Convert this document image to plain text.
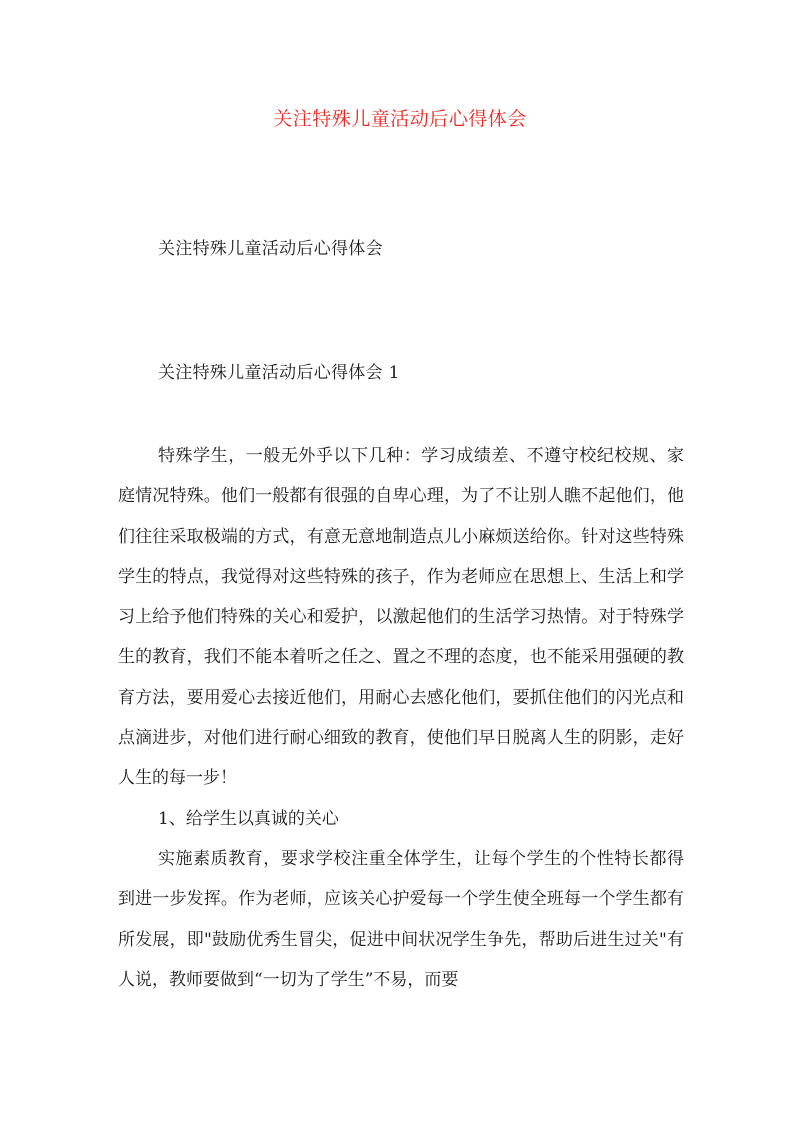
关注特殊儿童活动后心得体会
关注特殊儿童活动后心得体会
关注特殊儿童活动后心得体会 1

特殊学生，一般无外乎以下几种：学习成绩差、不遵守校纪校规、家庭情况特殊。他们一般都有很强的自卑心理，为了不让别人瞧不起他们，他们往往采取极端的方式，有意无意地制造点儿小麻烦送给你。针对这些特殊学生的特点，我觉得对这些特殊的孩子，作为老师应在思想上、生活上和学习上给予他们特殊的关心和爱护，以激起他们的生活学习热情。对于特殊学生的教育，我们不能本着听之任之、置之不理的态度，也不能采用强硬的教育方法，要用爱心去接近他们，用耐心去感化他们，要抓住他们的闪光点和点滴进步，对他们进行耐心细致的教育，使他们早日脱离人生的阴影，走好人生的每一步！

1、给学生以真诚的关心

实施素质教育，要求学校注重全体学生，让每个学生的个性特长都得到进一步发挥。作为老师，应该关心护爱每一个学生使全班每一个学生都有所发展，即"鼓励优秀生冒尖，促进中间状况学生争先，帮助后进生过关"有人说，教师要做到“一切为了学生”不易，而要
